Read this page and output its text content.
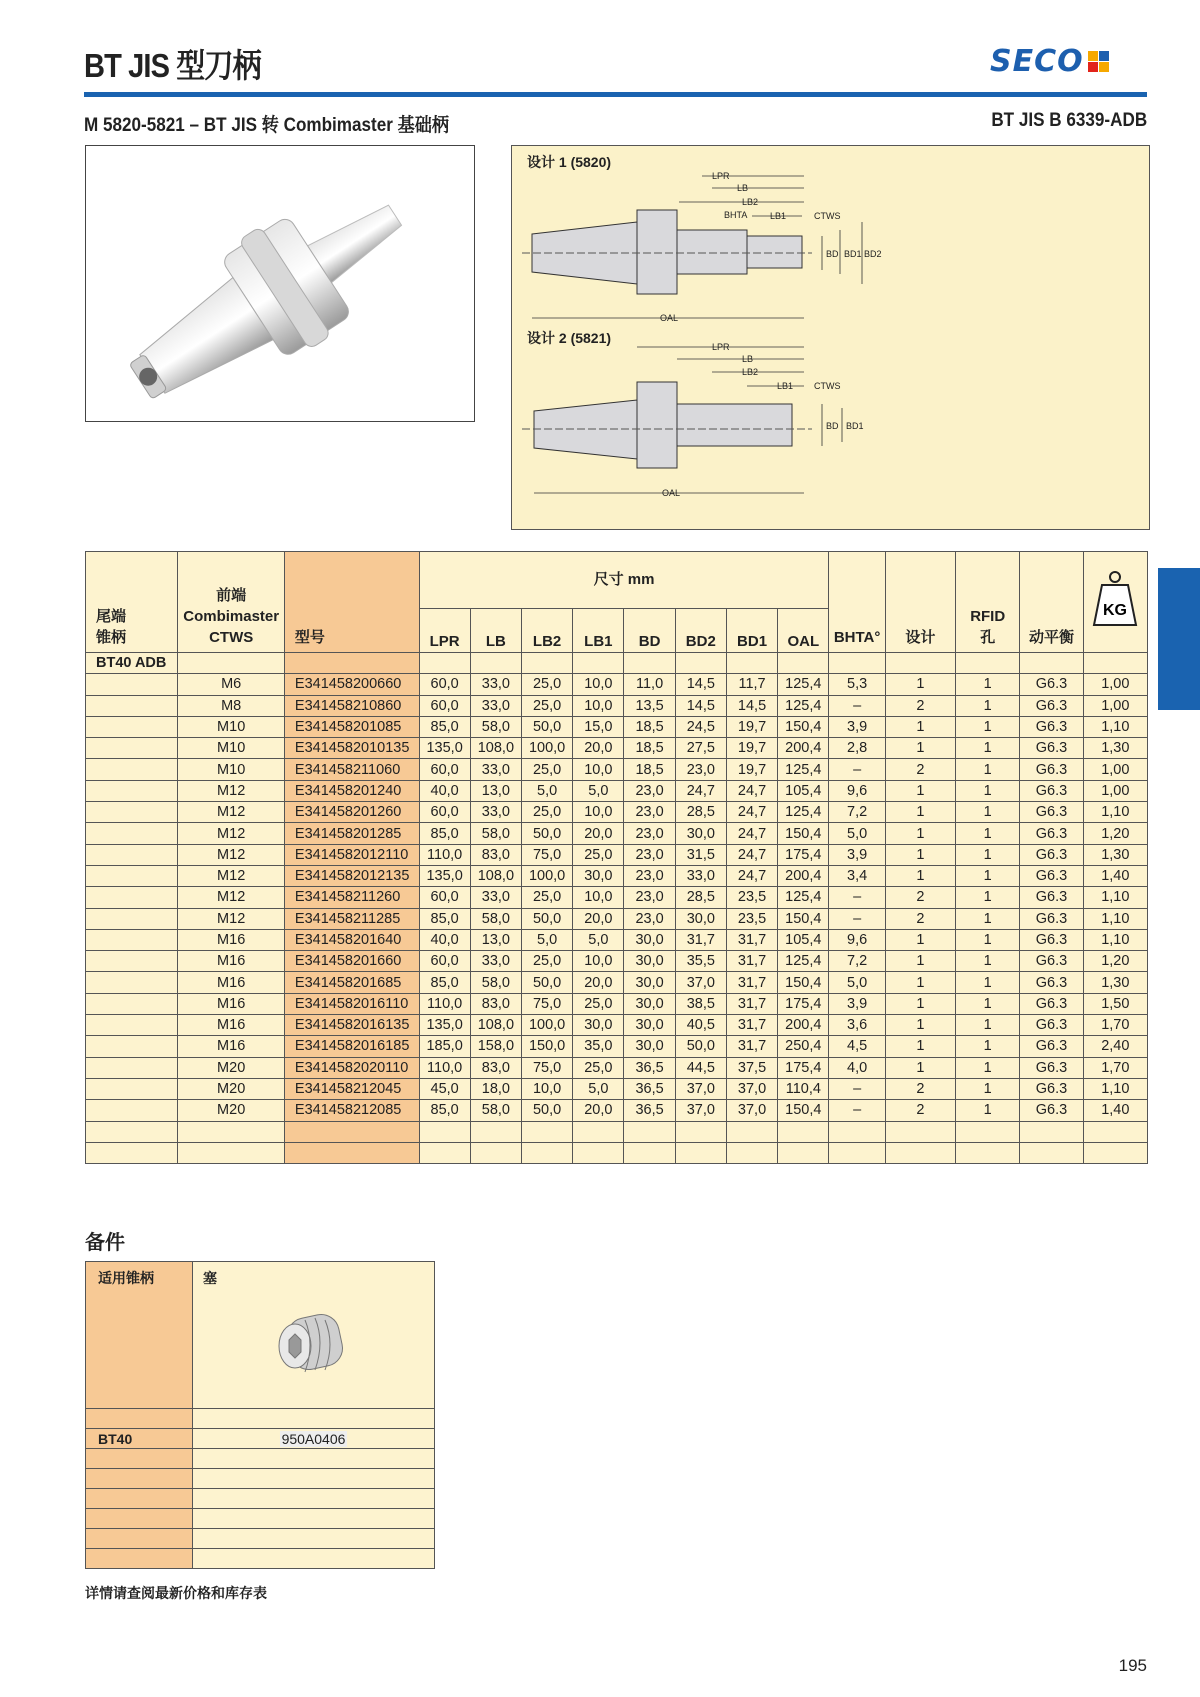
BT JIS 型刀柄	SECO
M 5820-5821 – BT JIS 转 Combimaster 基础柄	BT JIS B 6339-ADB
设计 1 (5820)
设计 2 (5821)
LPR
LB
LB2
BHTA	LB1	CTWS
BD BD1 BD2
OAL
LPR
LB
LB2
LB1 CTWS
BD BD1
OAL
尾端
锥柄	前端
Combimaster
CTWS	型号	尺寸 mm								BHTA°	设计	RFID
孔	动平衡	KG

			LPR	LB	LB2	LB1	BD	BD2	BD1	OAL					
BT40 ADB															
	M6	E341458200660	60,0	33,0	25,0	10,0	11,0	14,5	11,7	125,4	5,3	1	1	G6.3	1,00
	M8	E341458210860	60,0	33,0	25,0	10,0	13,5	14,5	14,5	125,4	–	2	1	G6.3	1,00
	M10	E341458201085	85,0	58,0	50,0	15,0	18,5	24,5	19,7	150,4	3,9	1	1	G6.3	1,10
	M10	E3414582010135	135,0	108,0	100,0	20,0	18,5	27,5	19,7	200,4	2,8	1	1	G6.3	1,30
	M10	E341458211060	60,0	33,0	25,0	10,0	18,5	23,0	19,7	125,4	–	2	1	G6.3	1,00
	M12	E341458201240	40,0	13,0	5,0	5,0	23,0	24,7	24,7	105,4	9,6	1	1	G6.3	1,00
	M12	E341458201260	60,0	33,0	25,0	10,0	23,0	28,5	24,7	125,4	7,2	1	1	G6.3	1,10
	M12	E341458201285	85,0	58,0	50,0	20,0	23,0	30,0	24,7	150,4	5,0	1	1	G6.3	1,20
	M12	E3414582012110	110,0	83,0	75,0	25,0	23,0	31,5	24,7	175,4	3,9	1	1	G6.3	1,30
	M12	E3414582012135	135,0	108,0	100,0	30,0	23,0	33,0	24,7	200,4	3,4	1	1	G6.3	1,40
	M12	E341458211260	60,0	33,0	25,0	10,0	23,0	28,5	23,5	125,4	–	2	1	G6.3	1,10
	M12	E341458211285	85,0	58,0	50,0	20,0	23,0	30,0	23,5	150,4	–	2	1	G6.3	1,10
	M16	E341458201640	40,0	13,0	5,0	5,0	30,0	31,7	31,7	105,4	9,6	1	1	G6.3	1,10
	M16	E341458201660	60,0	33,0	25,0	10,0	30,0	35,5	31,7	125,4	7,2	1	1	G6.3	1,20
	M16	E341458201685	85,0	58,0	50,0	20,0	30,0	37,0	31,7	150,4	5,0	1	1	G6.3	1,30
	M16	E3414582016110	110,0	83,0	75,0	25,0	30,0	38,5	31,7	175,4	3,9	1	1	G6.3	1,50
	M16	E3414582016135	135,0	108,0	100,0	30,0	30,0	40,5	31,7	200,4	3,6	1	1	G6.3	1,70
	M16	E3414582016185	185,0	158,0	150,0	35,0	30,0	50,0	31,7	250,4	4,5	1	1	G6.3	2,40
	M20	E3414582020110	110,0	83,0	75,0	25,0	36,5	44,5	37,5	175,4	4,0	1	1	G6.3	1,70
	M20	E341458212045	45,0	18,0	10,0	5,0	36,5	37,0	37,0	110,4	–	2	1	G6.3	1,10
	M20	E341458212085	85,0	58,0	50,0	20,0	36,5	37,0	37,0	150,4	–	2	1	G6.3	1,40

备件
适用锥柄	塞

BT40	950A0406

详情请查阅最新价格和库存表
195
